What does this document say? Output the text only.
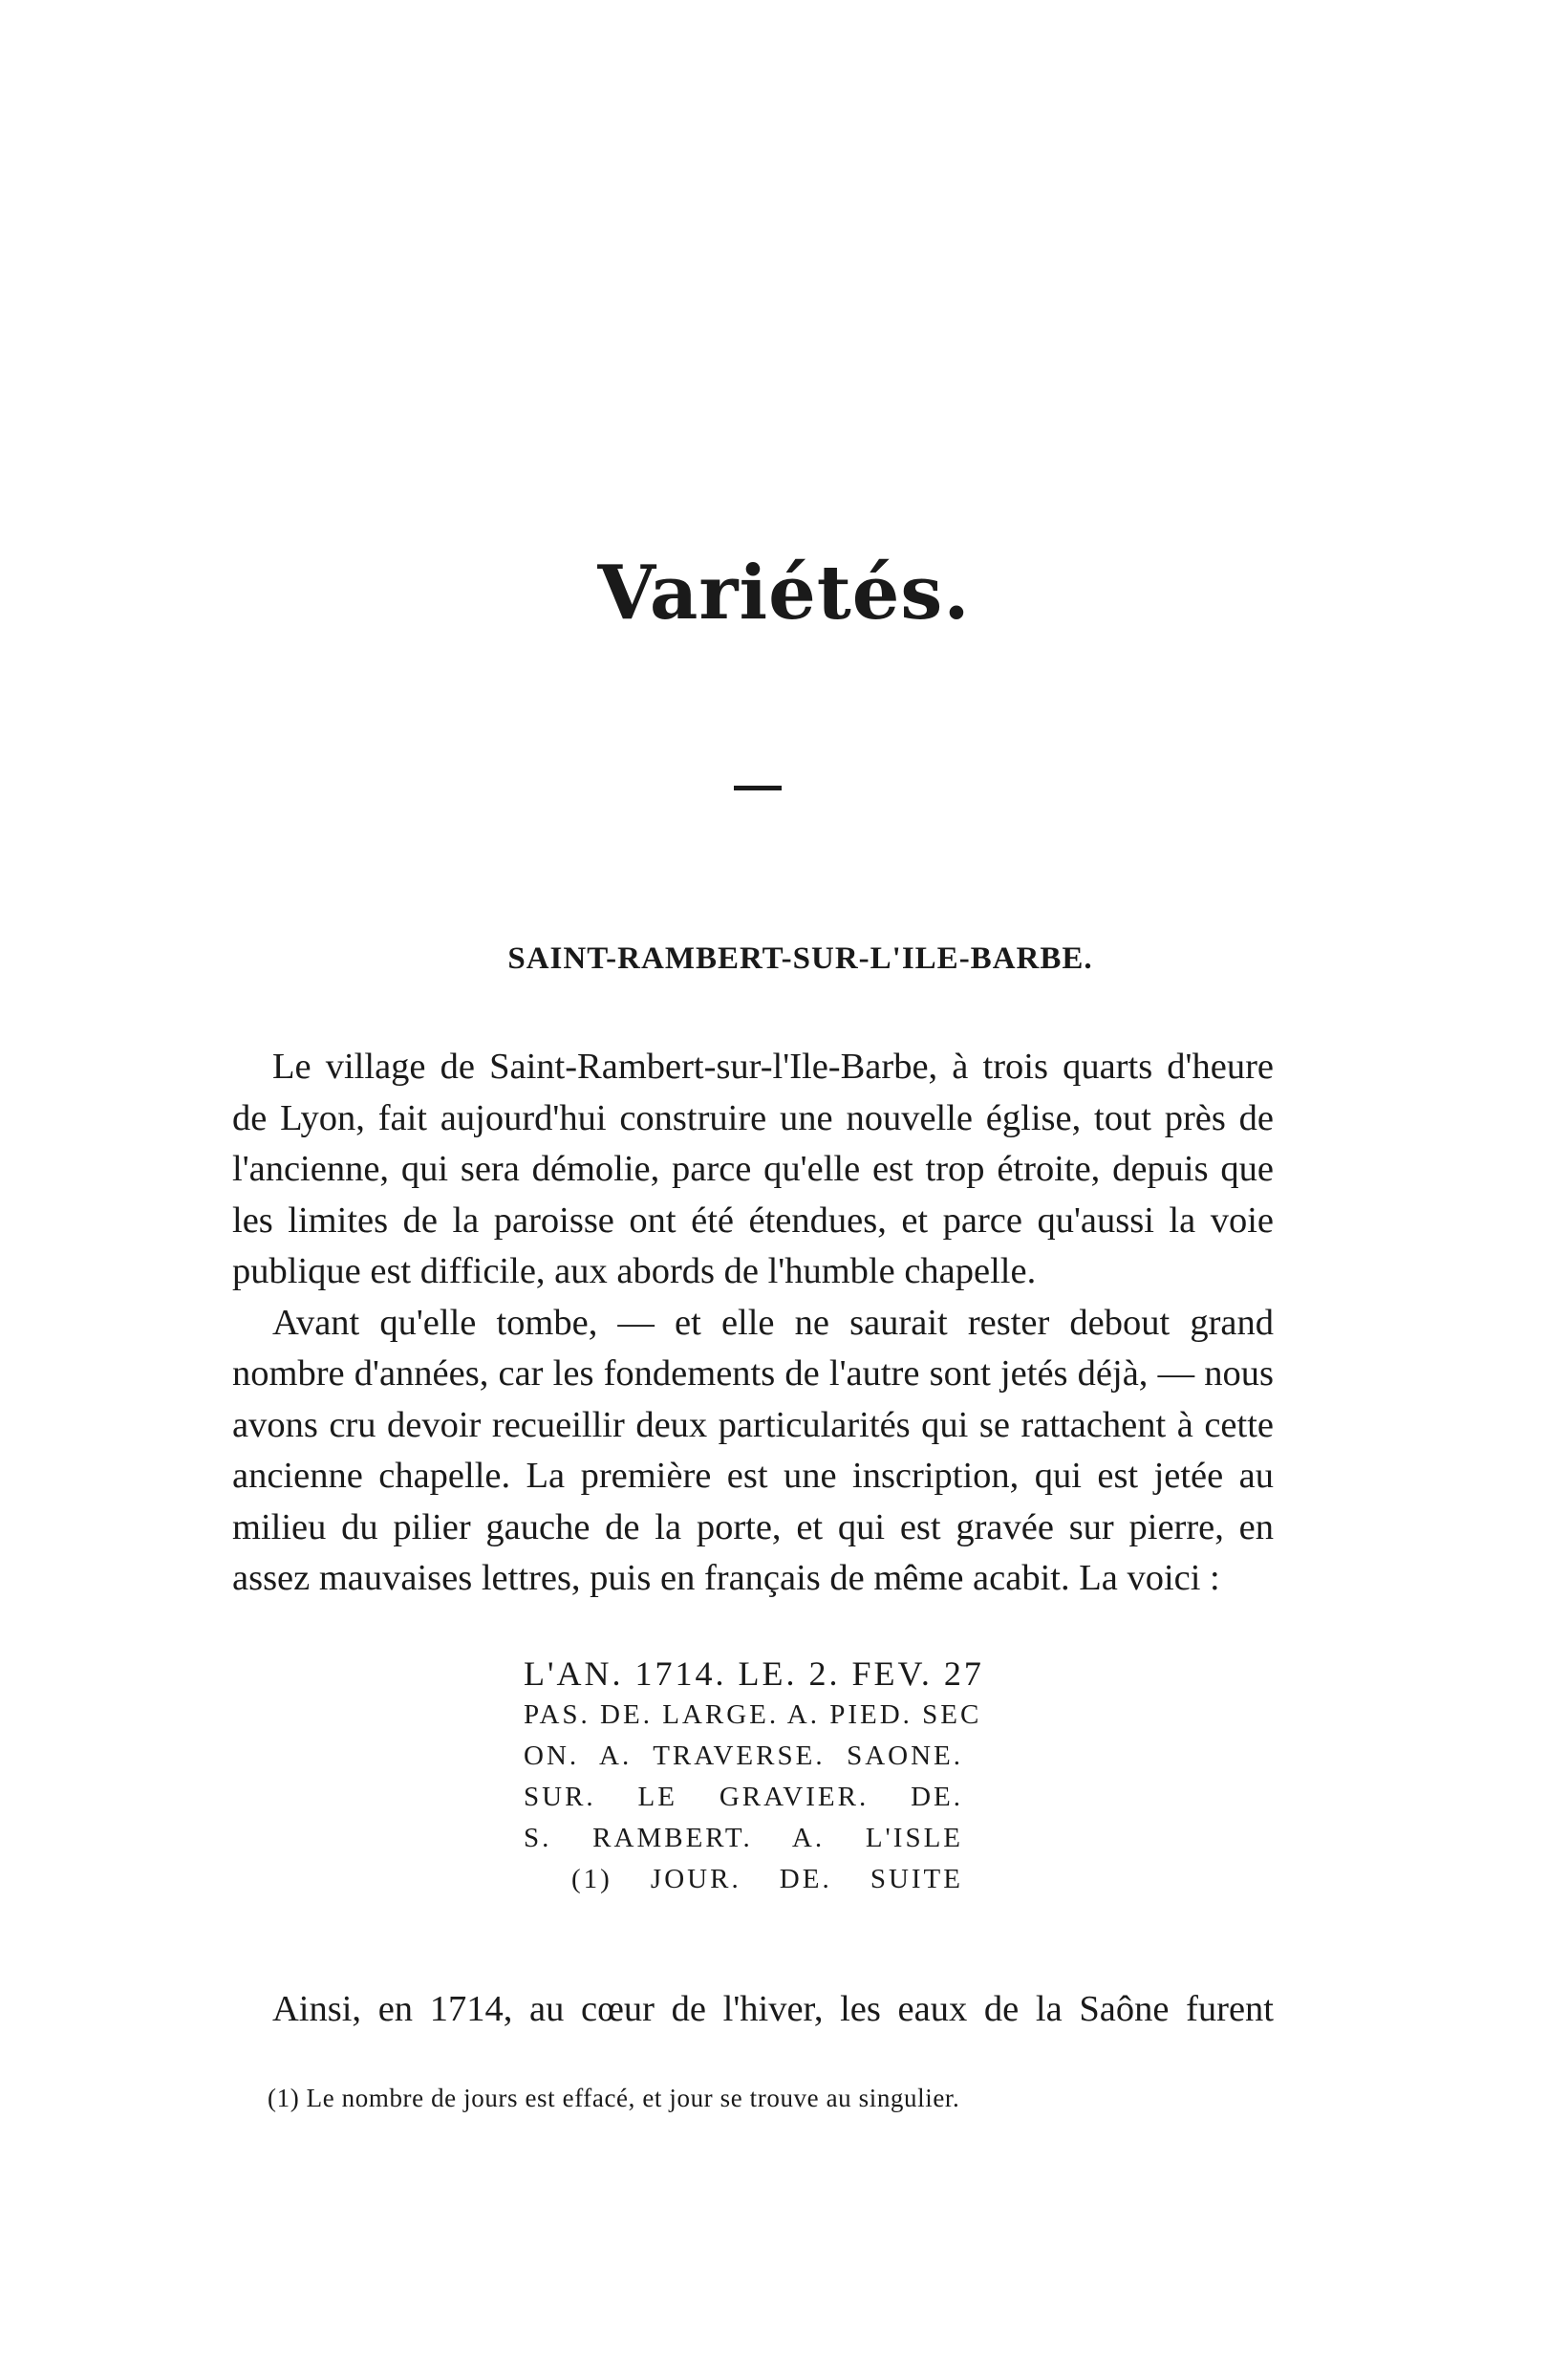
Variétés.
SAINT-RAMBERT-SUR-L'ILE-BARBE.

Le village de Saint-Rambert-sur-l'Ile-Barbe, à trois quarts d'heure de Lyon, fait aujourd'hui construire une nouvelle église, tout près de l'ancienne, qui sera démolie, parce qu'elle est trop étroite, depuis que les limites de la paroisse ont été étendues, et parce qu'aussi la voie publique est difficile, aux abords de l'humble chapelle.

Avant qu'elle tombe, — et elle ne saurait rester debout grand nombre d'années, car les fondements de l'autre sont jetés déjà, — nous avons cru devoir recueillir deux particularités qui se rattachent à cette ancienne chapelle. La première est une inscription, qui est jetée au milieu du pilier gauche de la porte, et qui est gravée sur pierre, en assez mauvaises lettres, puis en français de même acabit. La voici :

L'AN. 1714. LE. 2. FEV. 27
PAS. DE. LARGE. A. PIED. SEC
ON. A. TRAVERSE. SAONE.
SUR. LE GRAVIER. DE.
S. RAMBERT. A. L'ISLE
(1) JOUR. DE. SUITE
Ainsi, en 1714, au cœur de l'hiver, les eaux de la Saône furent
(1) Le nombre de jours est effacé, et jour se trouve au singulier.
